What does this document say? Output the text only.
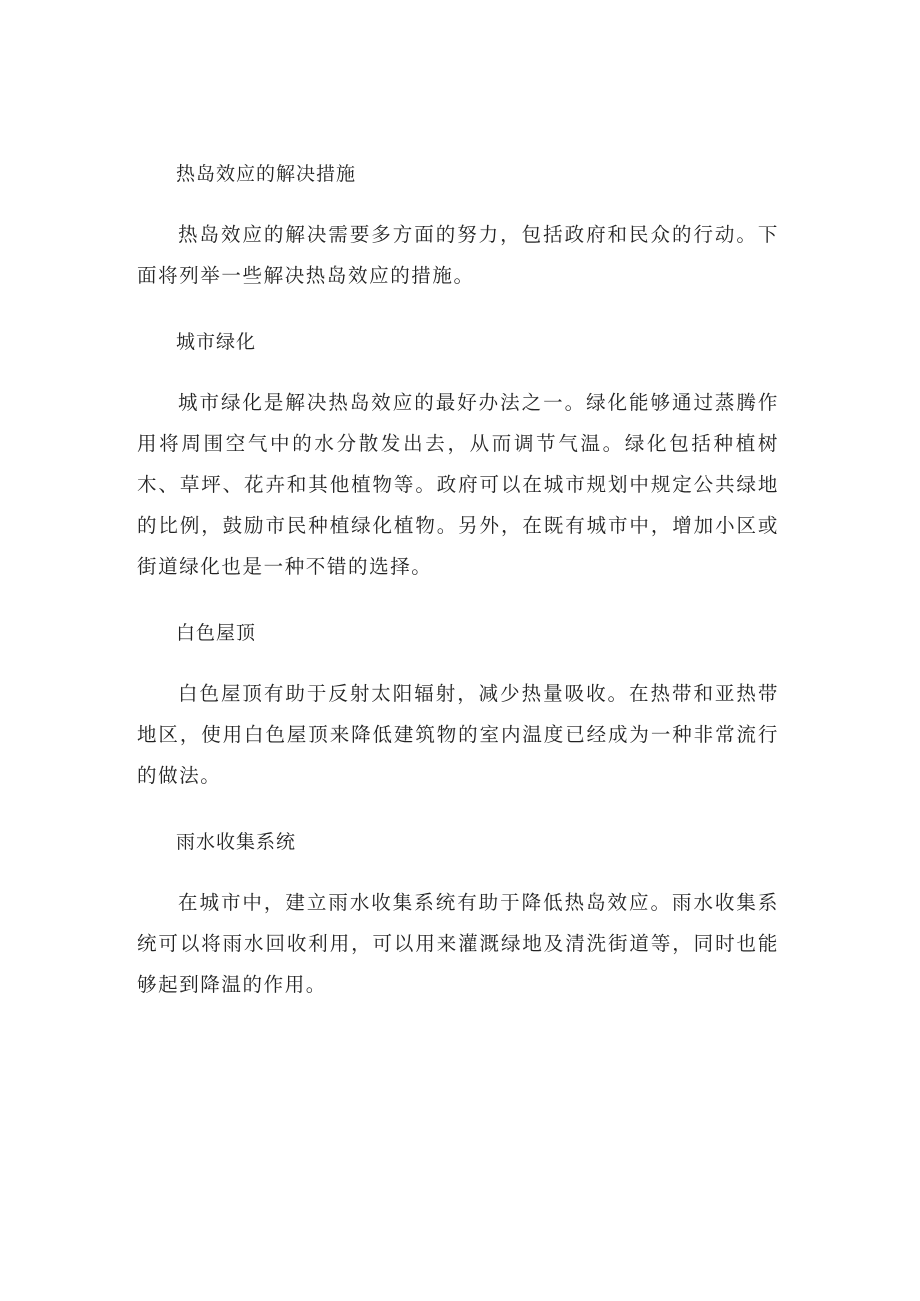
热岛效应的解决措施

热岛效应的解决需要多方面的努力，包括政府和民众的行动。下面将列举一些解决热岛效应的措施。

城市绿化

城市绿化是解决热岛效应的最好办法之一。绿化能够通过蒸腾作用将周围空气中的水分散发出去，从而调节气温。绿化包括种植树木、草坪、花卉和其他植物等。政府可以在城市规划中规定公共绿地的比例，鼓励市民种植绿化植物。另外，在既有城市中，增加小区或街道绿化也是一种不错的选择。

白色屋顶

白色屋顶有助于反射太阳辐射，减少热量吸收。在热带和亚热带地区，使用白色屋顶来降低建筑物的室内温度已经成为一种非常流行的做法。

雨水收集系统

在城市中，建立雨水收集系统有助于降低热岛效应。雨水收集系统可以将雨水回收利用，可以用来灌溉绿地及清洗街道等，同时也能够起到降温的作用。
